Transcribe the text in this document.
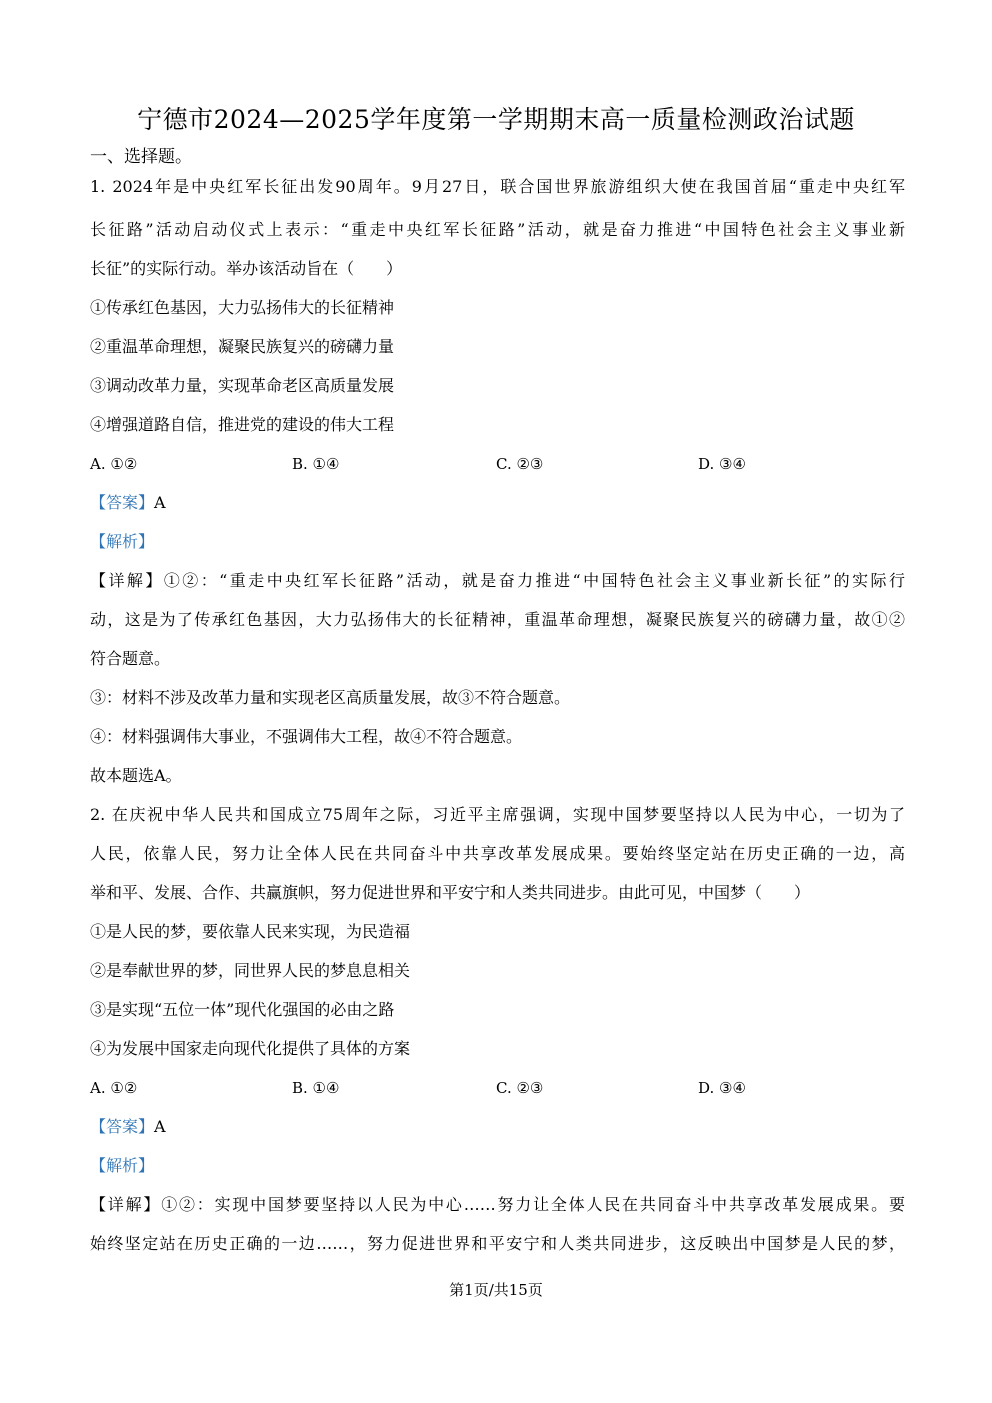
宁德市2024—2025学年度第一学期期末高一质量检测政治试题
一、选择题。
1. 2024年是中央红军长征出发90周年。9月27日，联合国世界旅游组织大使在我国首届“重走中央红军
长征路”活动启动仪式上表示：“重走中央红军长征路”活动，就是奋力推进“中国特色社会主义事业新
长征”的实际行动。举办该活动旨在（　　）
①传承红色基因，大力弘扬伟大的长征精神
②重温革命理想，凝聚民族复兴的磅礴力量
③调动改革力量，实现革命老区高质量发展
④增强道路自信，推进党的建设的伟大工程
A. ①②	B. ①④	C. ②③	D. ③④
【答案】A
【解析】
【详解】①②：“重走中央红军长征路”活动，就是奋力推进“中国特色社会主义事业新长征”的实际行
动，这是为了传承红色基因，大力弘扬伟大的长征精神，重温革命理想，凝聚民族复兴的磅礴力量，故①②
符合题意。
③：材料不涉及改革力量和实现老区高质量发展，故③不符合题意。
④：材料强调伟大事业，不强调伟大工程，故④不符合题意。
故本题选A。
2. 在庆祝中华人民共和国成立75周年之际，习近平主席强调，实现中国梦要坚持以人民为中心，一切为了
人民，依靠人民，努力让全体人民在共同奋斗中共享改革发展成果。要始终坚定站在历史正确的一边，高
举和平、发展、合作、共赢旗帜，努力促进世界和平安宁和人类共同进步。由此可见，中国梦（　　）
①是人民的梦，要依靠人民来实现，为民造福
②是奉献世界的梦，同世界人民的梦息息相关
③是实现“五位一体”现代化强国的必由之路
④为发展中国家走向现代化提供了具体的方案
A. ①②	B. ①④	C. ②③	D. ③④
【答案】A
【解析】
【详解】①②：实现中国梦要坚持以人民为中心……努力让全体人民在共同奋斗中共享改革发展成果。要
始终坚定站在历史正确的一边……，努力促进世界和平安宁和人类共同进步，这反映出中国梦是人民的梦，
第1页/共15页
